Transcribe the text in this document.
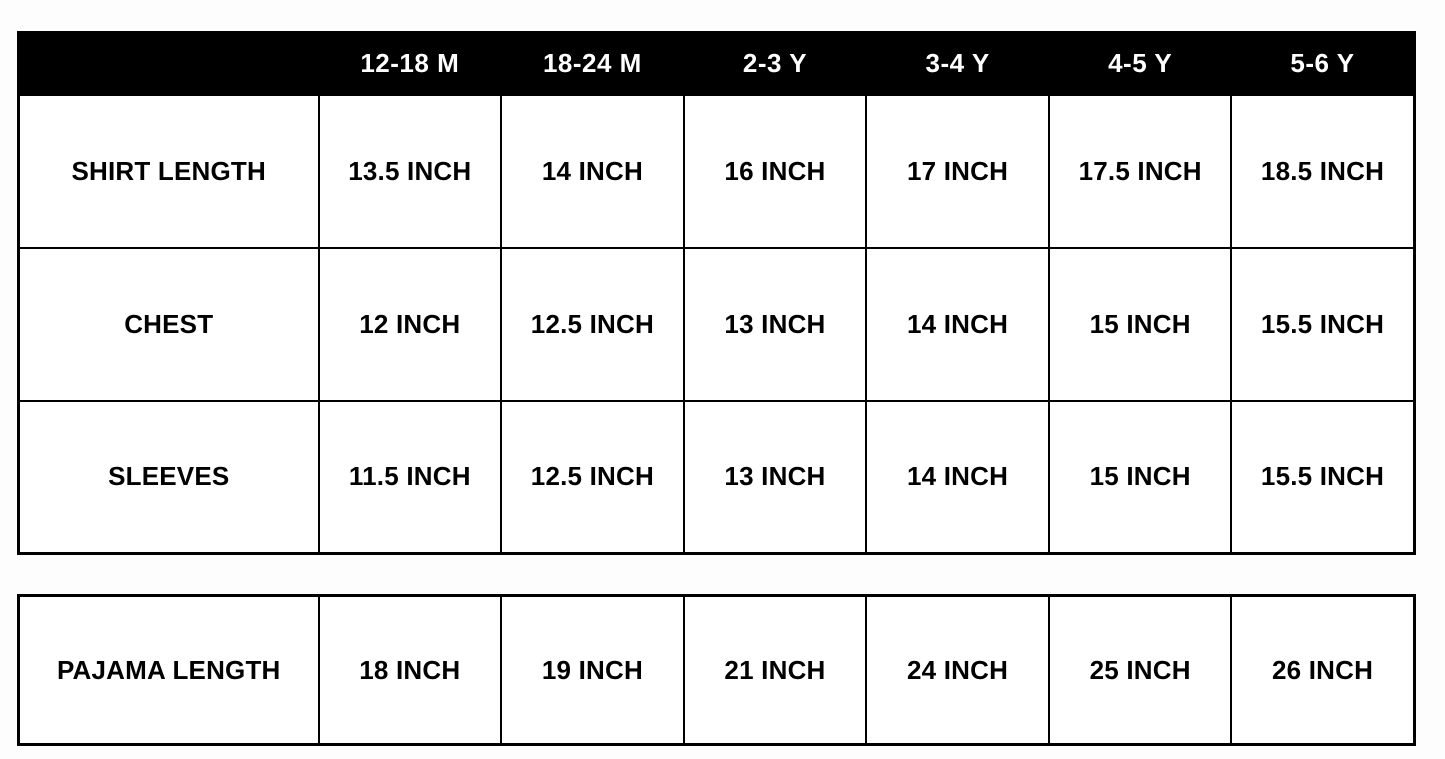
	12-18 M	18-24 M	2-3 Y	3-4 Y	4-5 Y	5-6 Y
SHIRT LENGTH	13.5 INCH	14 INCH	16 INCH	17 INCH	17.5 INCH	18.5 INCH
CHEST	12 INCH	12.5 INCH	13 INCH	14 INCH	15 INCH	15.5 INCH
SLEEVES	11.5 INCH	12.5 INCH	13 INCH	14 INCH	15 INCH	15.5 INCH
PAJAMA LENGTH	18 INCH	19 INCH	21 INCH	24 INCH	25 INCH	26 INCH
